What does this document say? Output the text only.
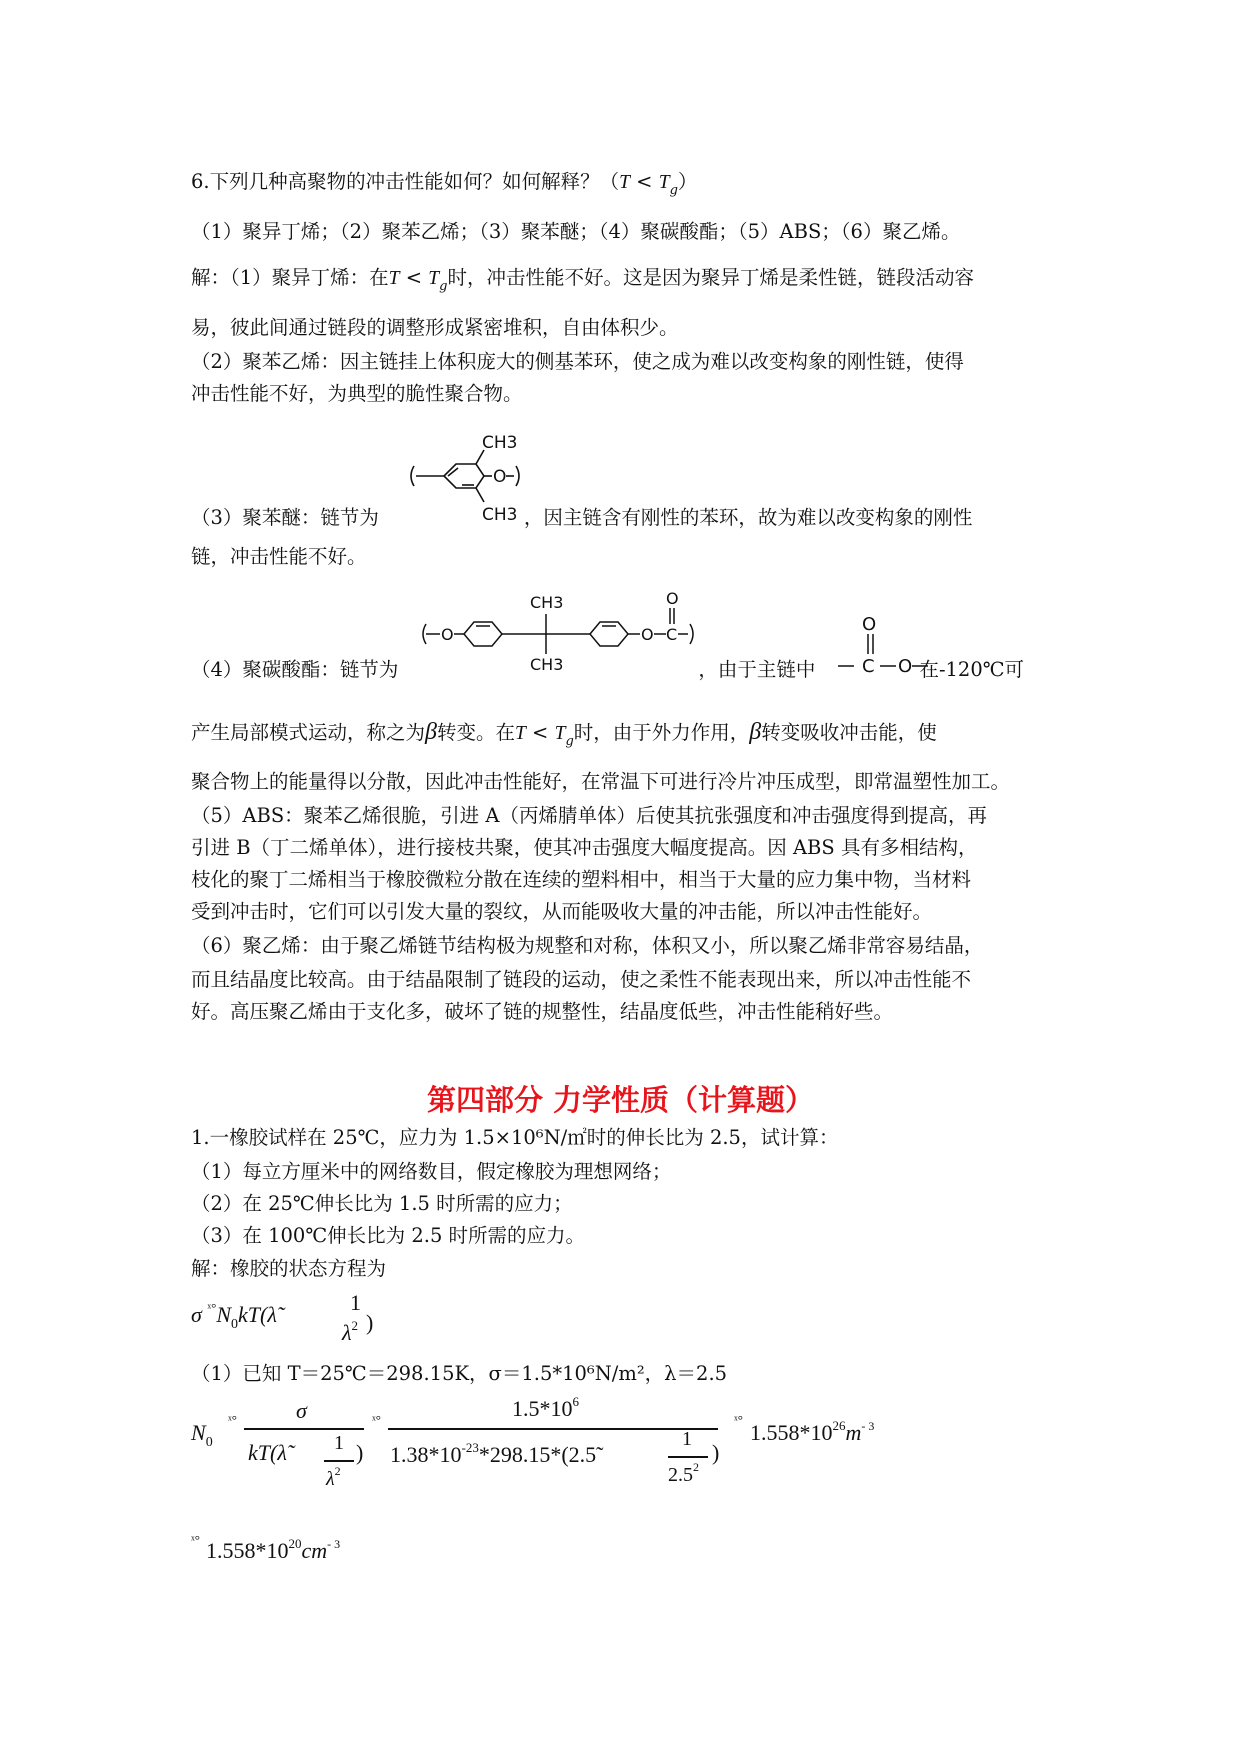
6.下列几种高聚物的冲击性能如何？如何解释？$(T < T_g)$
（1）聚异丁烯；（2）聚苯乙烯；（3）聚苯醚；（4）聚碳酸酯；（5）ABS；（6）聚乙烯。
解：（1）聚异丁烯：在$T < T_g$时，冲击性能不好。这是因为聚异丁烯是柔性链，链段活动容
易，彼此间通过链段的调整形成紧密堆积，自由体积少。
（2）聚苯乙烯：因主链挂上体积庞大的侧基苯环，使之成为难以改变构象的刚性链，使得
冲击性能不好，为典型的脆性聚合物。
CH3
O
CH3
（3）聚苯醚：链节为	，因主链含有刚性的苯环，故为难以改变构象的刚性
链，冲击性能不好。
O
CH3
CH3
O C
O
O
C O
（4）聚碳酸酯：链节为	，由于主链中	在-120℃可
产生局部模式运动，称之为β转变。在$T < T_g$时，由于外力作用，β转变吸收冲击能，使
聚合物上的能量得以分散，因此冲击性能好，在常温下可进行冷片冲压成型，即常温塑性加工。
（5）ABS：聚苯乙烯很脆，引进 A（丙烯腈单体）后使其抗张强度和冲击强度得到提高，再
引进 B（丁二烯单体），进行接枝共聚，使其冲击强度大幅度提高。因 ABS 具有多相结构，
枝化的聚丁二烯相当于橡胶微粒分散在连续的塑料相中，相当于大量的应力集中物，当材料
受到冲击时，它们可以引发大量的裂纹，从而能吸收大量的冲击能，所以冲击性能好。
（6）聚乙烯：由于聚乙烯链节结构极为规整和对称，体积又小，所以聚乙烯非常容易结晶，
而且结晶度比较高。由于结晶限制了链段的运动，使之柔性不能表现出来，所以冲击性能不
好。高压聚乙烯由于支化多，破坏了链的规整性，结晶度低些，冲击性能稍好些。
第四部分 力学性质（计算题）
1.一橡胶试样在 25℃，应力为 1.5×10⁶N/㎡时的伸长比为 2.5，试计算：
（1）每立方厘米中的网络数目，假定橡胶为理想网络；
（2）在 25℃伸长比为 1.5 时所需的应力；
（3）在 100℃伸长比为 2.5 时所需的应力。
解：橡胶的状态方程为
σ $^{ˣ^\circ}N_0kT(\lambdã$	1
$\lambda^2$ )
（1）已知 T＝25℃＝298.15K，σ＝1.5*10⁶N/m²，λ＝2.5
$N_0$
ˣ°	σ
kT(λ̃ 1
$\lambda^2$
)
ˣ°	$1.5*10^6$
$1.38*10^{-23}*298.15*(2.5̃$
1
$2.5^2$
)
ˣ°
$1.558*10^{26}m^{- 3}$
ˣ° $1.558*10^{20}cm^{- 3}$
